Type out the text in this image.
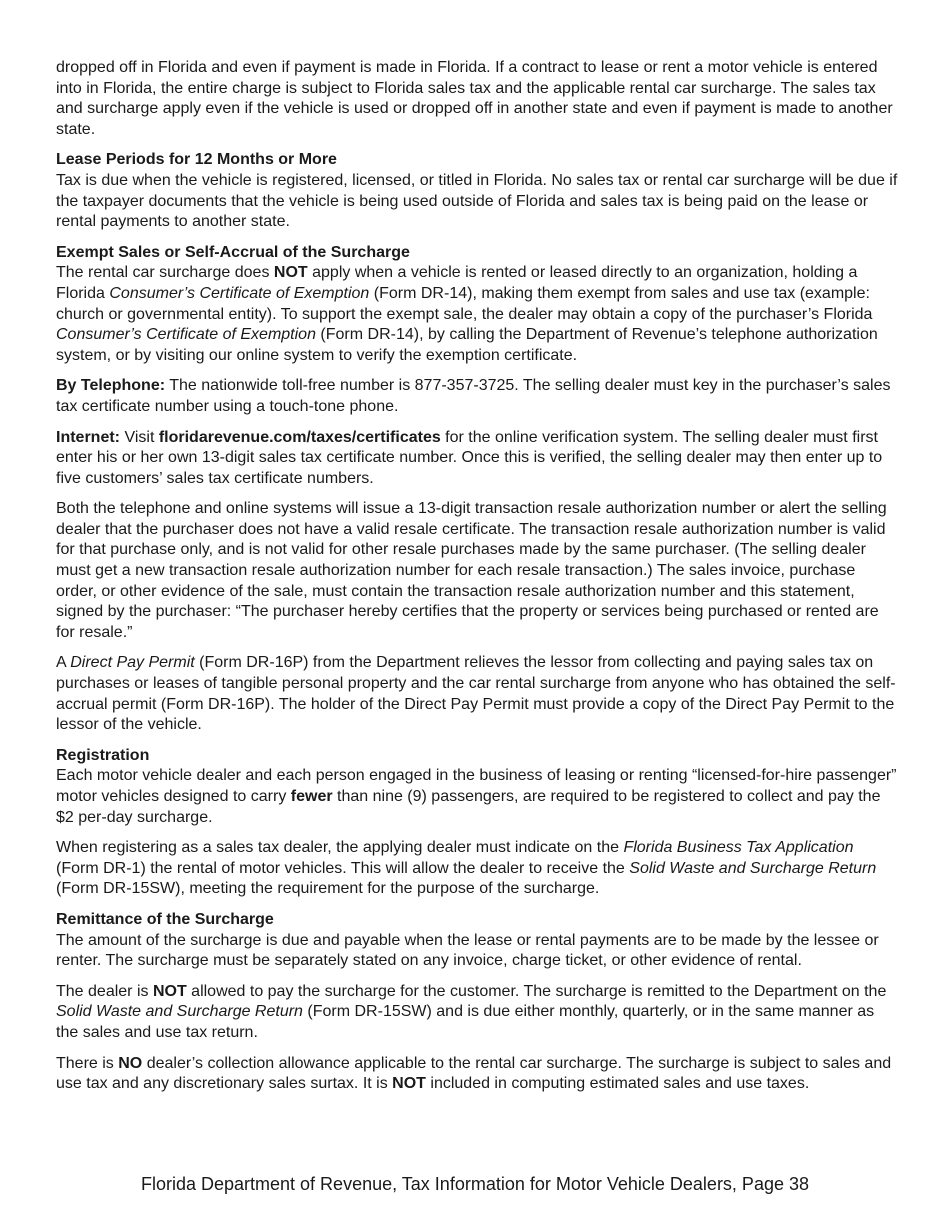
dropped off in Florida and even if payment is made in Florida. If a contract to lease or rent a motor vehicle is entered into in Florida, the entire charge is subject to Florida sales tax and the applicable rental car surcharge. The sales tax and surcharge apply even if the vehicle is used or dropped off in another state and even if payment is made to another state.

Lease Periods for 12 Months or More
Tax is due when the vehicle is registered, licensed, or titled in Florida. No sales tax or rental car surcharge will be due if the taxpayer documents that the vehicle is being used outside of Florida and sales tax is being paid on the lease or rental payments to another state.
Exempt Sales or Self-Accrual of the Surcharge
The rental car surcharge does NOT apply when a vehicle is rented or leased directly to an organization, holding a Florida Consumer’s Certificate of Exemption (Form DR-14), making them exempt from sales and use tax (example: church or governmental entity). To support the exempt sale, the dealer may obtain a copy of the purchaser’s Florida Consumer’s Certificate of Exemption (Form DR-14), by calling the Department of Revenue’s telephone authorization system, or by visiting our online system to verify the exemption certificate.

By Telephone: The nationwide toll-free number is 877-357-3725. The selling dealer must key in the purchaser’s sales tax certificate number using a touch-tone phone.

Internet: Visit floridarevenue.com/taxes/certificates for the online verification system. The selling dealer must first enter his or her own 13-digit sales tax certificate number. Once this is verified, the selling dealer may then enter up to five customers’ sales tax certificate numbers.

Both the telephone and online systems will issue a 13-digit transaction resale authorization number or alert the selling dealer that the purchaser does not have a valid resale certificate. The transaction resale authorization number is valid for that purchase only, and is not valid for other resale purchases made by the same purchaser. (The selling dealer must get a new transaction resale authorization number for each resale transaction.) The sales invoice, purchase order, or other evidence of the sale, must contain the transaction resale authorization number and this statement, signed by the purchaser: “The purchaser hereby certifies that the property or services being purchased or rented are for resale.”

A Direct Pay Permit (Form DR-16P) from the Department relieves the lessor from collecting and paying sales tax on purchases or leases of tangible personal property and the car rental surcharge from anyone who has obtained the self-accrual permit (Form DR-16P). The holder of the Direct Pay Permit must provide a copy of the Direct Pay Permit to the lessor of the vehicle.

Registration
Each motor vehicle dealer and each person engaged in the business of leasing or renting “licensed-for-hire passenger” motor vehicles designed to carry fewer than nine (9) passengers, are required to be registered to collect and pay the $2 per-day surcharge.

When registering as a sales tax dealer, the applying dealer must indicate on the Florida Business Tax Application (Form DR-1) the rental of motor vehicles. This will allow the dealer to receive the Solid Waste and Surcharge Return (Form DR-15SW), meeting the requirement for the purpose of the surcharge.

Remittance of the Surcharge
The amount of the surcharge is due and payable when the lease or rental payments are to be made by the lessee or renter. The surcharge must be separately stated on any invoice, charge ticket, or other evidence of rental.

The dealer is NOT allowed to pay the surcharge for the customer. The surcharge is remitted to the Department on the Solid Waste and Surcharge Return (Form DR-15SW) and is due either monthly, quarterly, or in the same manner as the sales and use tax return.

There is NO dealer’s collection allowance applicable to the rental car surcharge. The surcharge is subject to sales and use tax and any discretionary sales surtax. It is NOT included in computing estimated sales and use taxes.

Florida Department of Revenue, Tax Information for Motor Vehicle Dealers, Page 38
